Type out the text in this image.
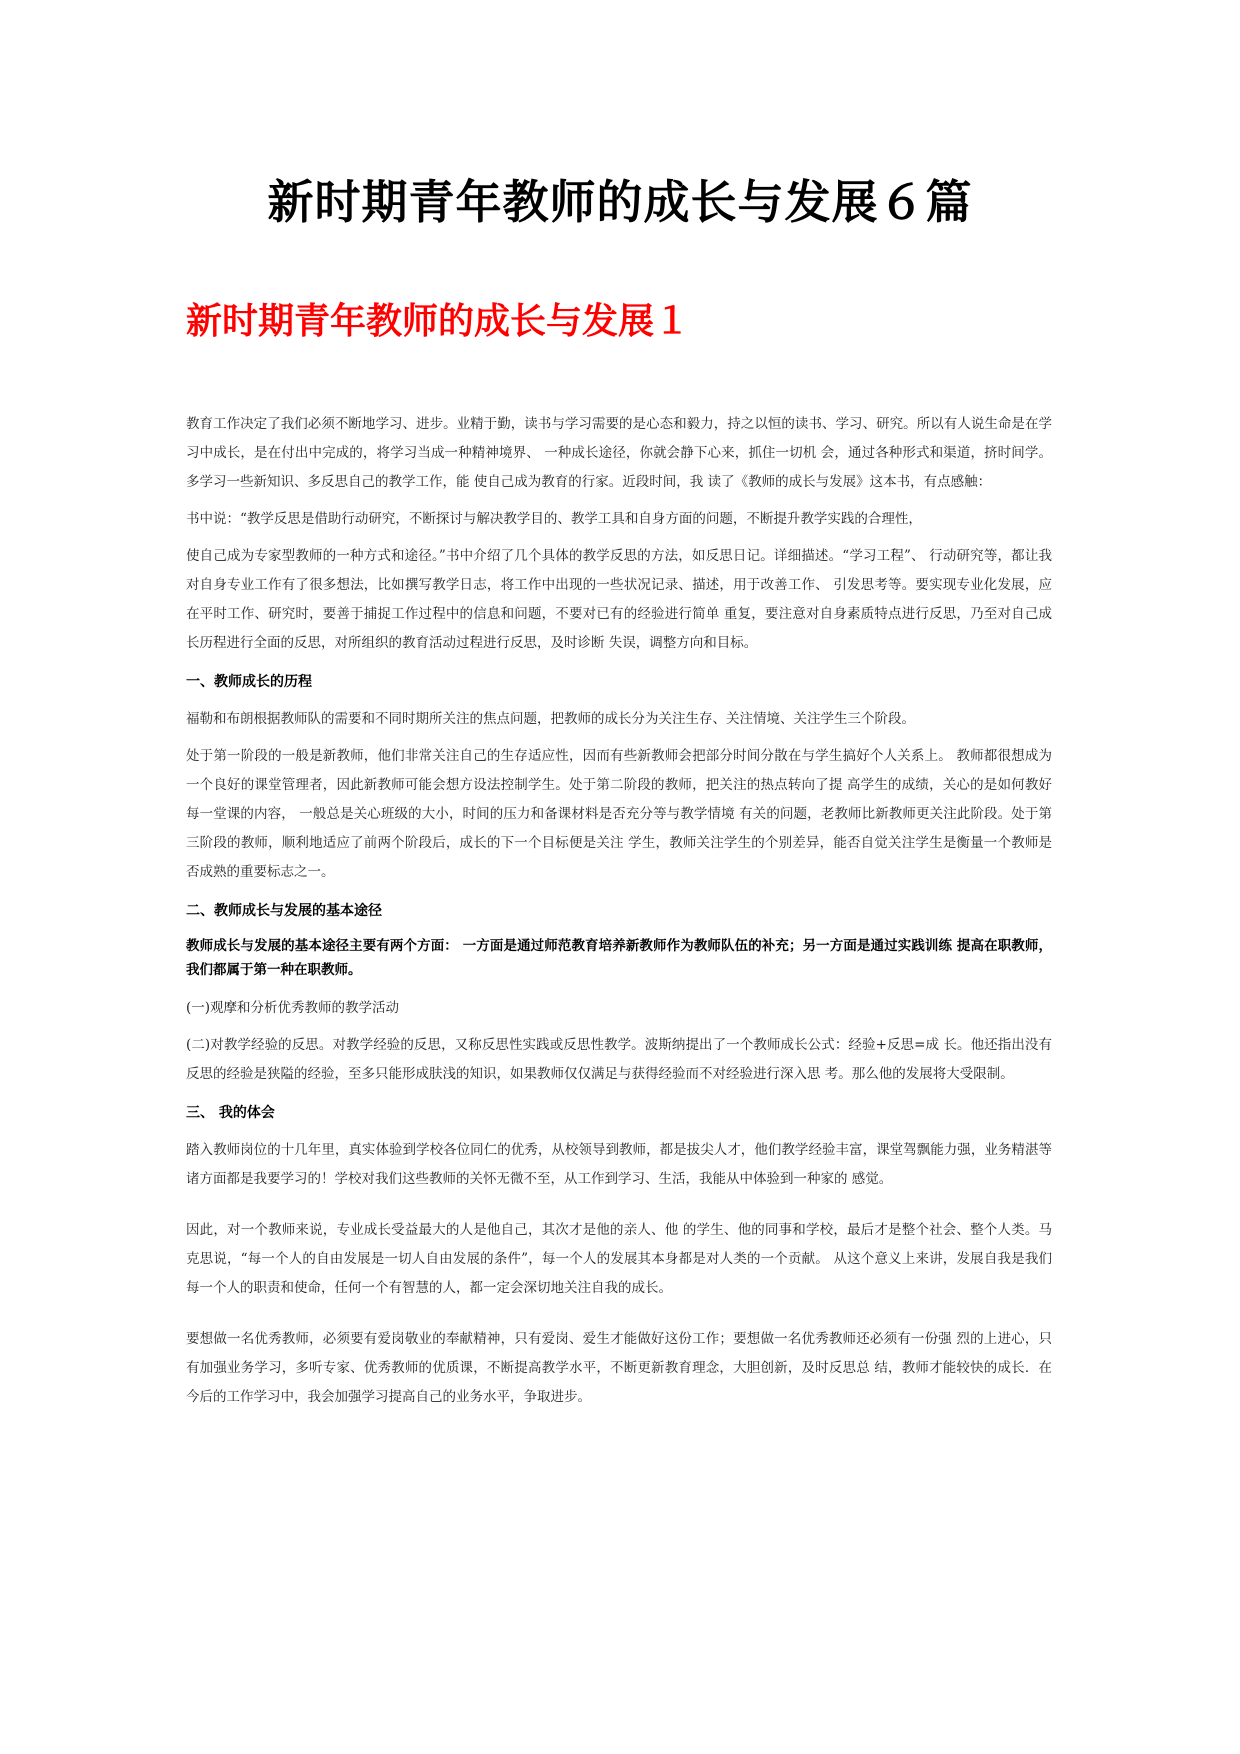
新时期青年教师的成长与发展６篇
新时期青年教师的成长与发展１

教育工作决定了我们必须不断地学习、进步。业精于勤，读书与学习需要的是心态和毅力，持之以恒的读书、学习、研究。所以有人说生命是在学习中成长，是在付出中完成的，将学习当成一种精神境界、 一种成长途径，你就会静下心来，抓住一切机 会，通过各种形式和渠道，挤时间学。多学习一些新知识、多反思自己的教学工作，能 使自己成为教育的行家。近段时间，我 读了《教师的成长与发展》这本书，有点感触：

书中说：“教学反思是借助行动研究，不断探讨与解决教学目的、教学工具和自身方面的问题，不断提升教学实践的合理性，

使自己成为专家型教师的一种方式和途径。”书中介绍了几个具体的教学反思的方法，如反思日记。详细描述。“学习工程”、 行动研究等，都让我对自身专业工作有了很多想法，比如撰写教学日志，将工作中出现的一些状况记录、描述，用于改善工作、 引发思考等。要实现专业化发展，应在平时工作、研究时，要善于捕捉工作过程中的信息和问题，不要对已有的经验进行简单 重复，要注意对自身素质特点进行反思，乃至对自己成长历程进行全面的反思，对所组织的教育活动过程进行反思，及时诊断 失误，调整方向和目标。

一、教师成长的历程

福勒和布朗根据教师队的需要和不同时期所关注的焦点问题，把教师的成长分为关注生存、关注情境、关注学生三个阶段。

处于第一阶段的一般是新教师，他们非常关注自己的生存适应性，因而有些新教师会把部分时间分散在与学生搞好个人关系上。 教师都很想成为一个良好的课堂管理者，因此新教师可能会想方设法控制学生。处于第二阶段的教师，把关注的热点转向了提 高学生的成绩，关心的是如何教好每一堂课的内容， 一般总是关心班级的大小，时间的压力和备课材料是否充分等与教学情境 有关的问题，老教师比新教师更关注此阶段。处于第三阶段的教师，顺利地适应了前两个阶段后，成长的下一个目标便是关注 学生，教师关注学生的个别差异，能否自觉关注学生是衡量一个教师是否成熟的重要标志之一。

二、教师成长与发展的基本途径

教师成长与发展的基本途径主要有两个方面： 一方面是通过师范教育培养新教师作为教师队伍的补充；另一方面是通过实践训练 提高在职教师，我们都属于第一种在职教师。

(一)观摩和分析优秀教师的教学活动

(二)对教学经验的反思。对教学经验的反思，又称反思性实践或反思性教学。波斯纳提出了一个教师成长公式：经验+反思=成 长。他还指出没有反思的经验是狭隘的经验，至多只能形成肤浅的知识，如果教师仅仅满足与获得经验而不对经验进行深入思 考。那么他的发展将大受限制。

三、 我的体会

踏入教师岗位的十几年里，真实体验到学校各位同仁的优秀，从校领导到教师，都是拔尖人才，他们教学经验丰富，课堂驾飘能力强，业务精湛等诸方面都是我要学习的！学校对我们这些教师的关怀无微不至，从工作到学习、生活，我能从中体验到一种家的 感觉。

因此，对一个教师来说，专业成长受益最大的人是他自己，其次才是他的亲人、他 的学生、他的同事和学校，最后才是整个社会、整个人类。马克思说，“每一个人的自由发展是一切人自由发展的条件”，每一个人的发展其本身都是对人类的一个贡献。 从这个意义上来讲，发展自我是我们每一个人的职责和使命，任何一个有智慧的人，都一定会深切地关注自我的成长。

要想做一名优秀教师，必须要有爱岗敬业的奉献精神，只有爱岗、爱生才能做好这份工作；要想做一名优秀教师还必须有一份强 烈的上进心，只有加强业务学习，多听专家、优秀教师的优质课，不断提高教学水平，不断更新教育理念，大胆创新，及时反思总 结，教师才能较快的成长．在今后的工作学习中，我会加强学习提高自己的业务水平，争取进步。
